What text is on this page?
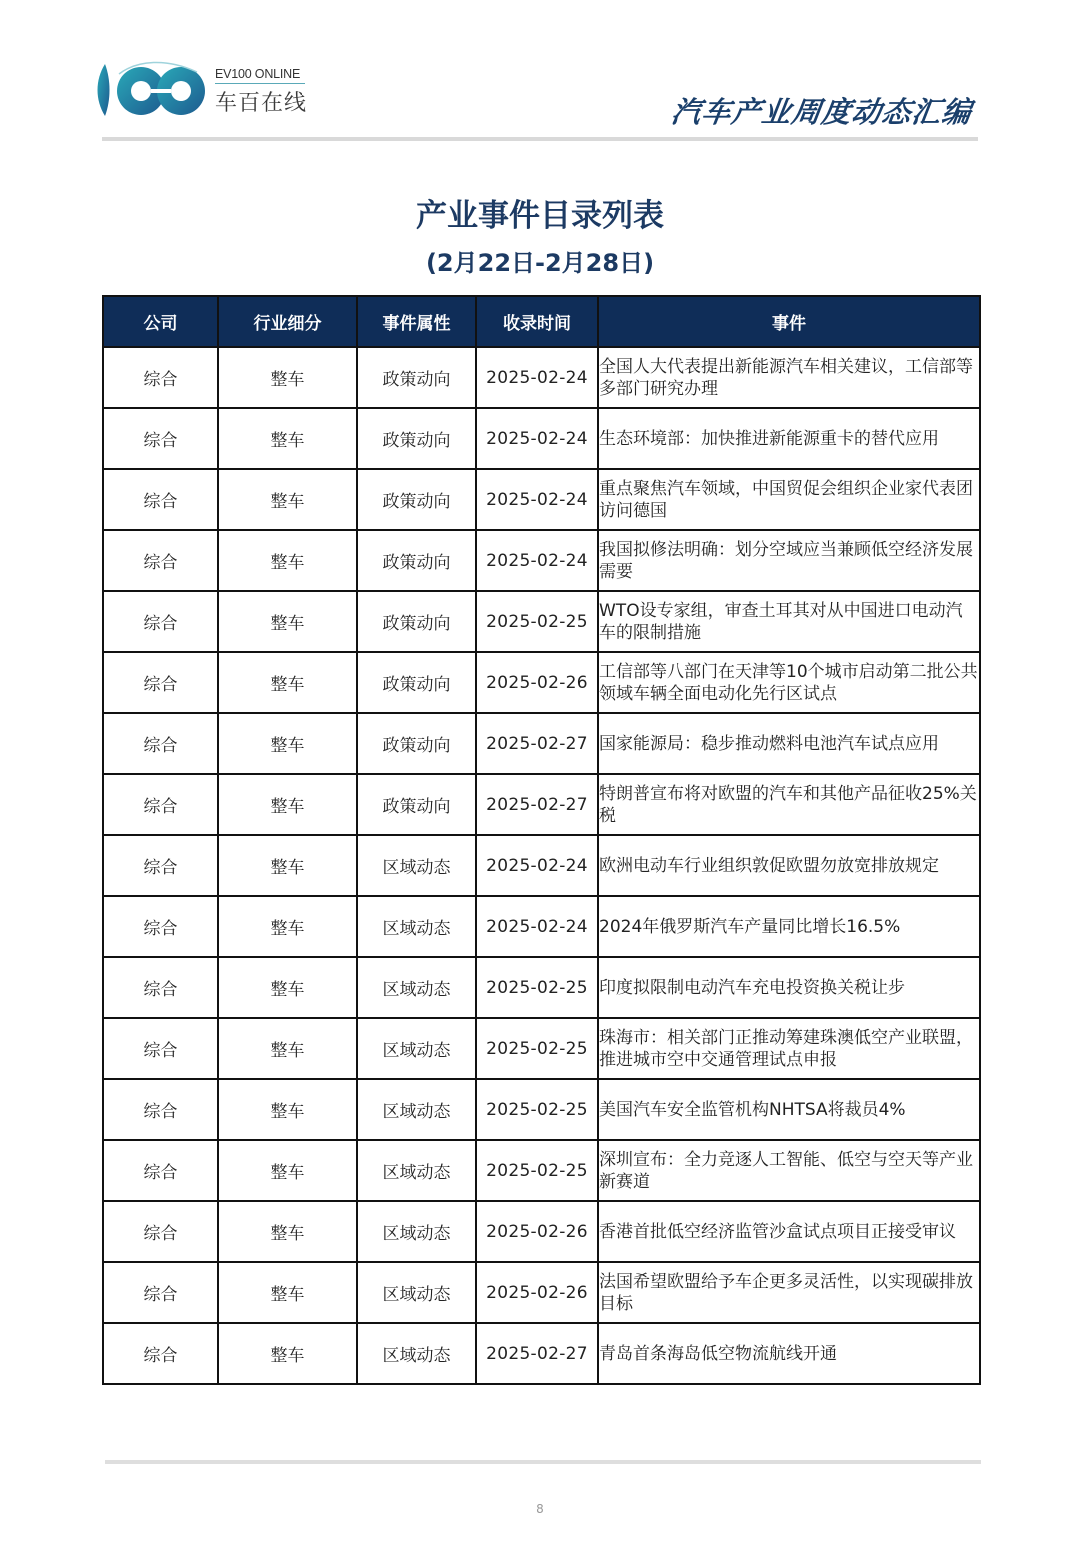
EV100 ONLINE
车百在线	汽车产业周度动态汇编
产业事件目录列表
(2月22日-2月28日)
公司	行业细分	事件属性	收录时间	事件
综合	整车	政策动向	2025-02-24	全国人大代表提出新能源汽车相关建议，工信部等多部门研究办理
综合	整车	政策动向	2025-02-24	生态环境部：加快推进新能源重卡的替代应用
综合	整车	政策动向	2025-02-24	重点聚焦汽车领域，中国贸促会组织企业家代表团访问德国
综合	整车	政策动向	2025-02-24	我国拟修法明确：划分空域应当兼顾低空经济发展需要
综合	整车	政策动向	2025-02-25	WTO设专家组，审查土耳其对从中国进口电动汽车的限制措施
综合	整车	政策动向	2025-02-26	工信部等八部门在天津等10个城市启动第二批公共领域车辆全面电动化先行区试点
综合	整车	政策动向	2025-02-27	国家能源局：稳步推动燃料电池汽车试点应用
综合	整车	政策动向	2025-02-27	特朗普宣布将对欧盟的汽车和其他产品征收25%关税
综合	整车	区域动态	2025-02-24	欧洲电动车行业组织敦促欧盟勿放宽排放规定
综合	整车	区域动态	2025-02-24	2024年俄罗斯汽车产量同比增长16.5%
综合	整车	区域动态	2025-02-25	印度拟限制电动汽车充电投资换关税让步
综合	整车	区域动态	2025-02-25	珠海市：相关部门正推动筹建珠澳低空产业联盟，推进城市空中交通管理试点申报
综合	整车	区域动态	2025-02-25	美国汽车安全监管机构NHTSA将裁员4%
综合	整车	区域动态	2025-02-25	深圳宣布：全力竞逐人工智能、低空与空天等产业新赛道
综合	整车	区域动态	2025-02-26	香港首批低空经济监管沙盒试点项目正接受审议
综合	整车	区域动态	2025-02-26	法国希望欧盟给予车企更多灵活性，以实现碳排放目标
综合	整车	区域动态	2025-02-27	青岛首条海岛低空物流航线开通
8
